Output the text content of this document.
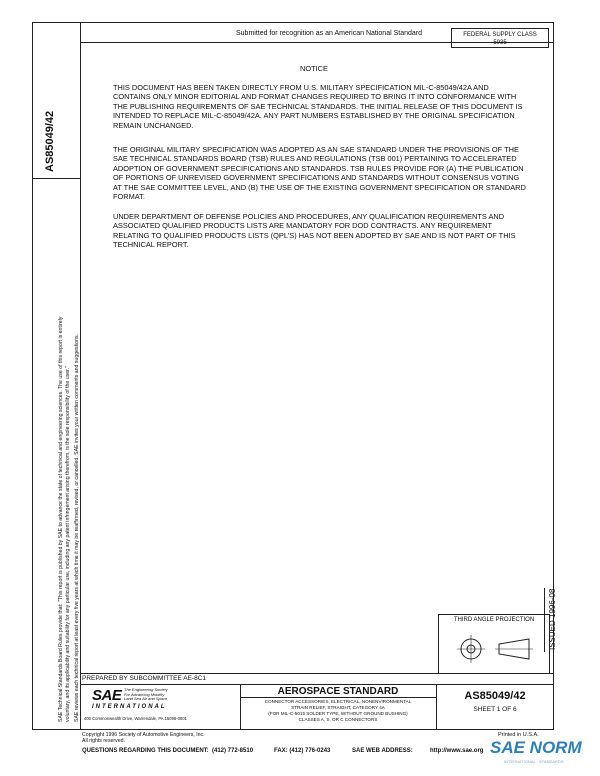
Submitted for recognition as an American National Standard	FEDERAL SUPPLY CLASS
5935
AS85049/42
SAE Technical Standards Board Rules provide that: "This report is published by SAE to advance the state of technical and engineering sciences. The use of this report is entirely voluntary, and its applicability and suitability for any particular use, including any patent infringement arising therefrom, is the sole responsibility of the user." SAE reviews each technical report at least every five years at which time it may be reaffirmed, revised, or cancelled. SAE invites your written comments and suggestions.
NOTICE
THIS DOCUMENT HAS BEEN TAKEN DIRECTLY FROM U.S. MILITARY SPECIFICATION MIL-C-85049/42A AND CONTAINS ONLY MINOR EDITORIAL AND FORMAT CHANGES REQUIRED TO BRING IT INTO CONFORMANCE WITH THE PUBLISHING REQUIREMENTS OF SAE TECHNICAL STANDARDS. THE INITIAL RELEASE OF THIS DOCUMENT IS INTENDED TO REPLACE MIL-C-85049/42A. ANY PART NUMBERS ESTABLISHED BY THE ORIGINAL SPECIFICATION REMAIN UNCHANGED.
THE ORIGINAL MILITARY SPECIFICATION WAS ADOPTED AS AN SAE STANDARD UNDER THE PROVISIONS OF THE SAE TECHNICAL STANDARDS BOARD (TSB) RULES AND REGULATIONS (TSB 001) PERTAINING TO ACCELERATED ADOPTION OF GOVERNMENT SPECIFICATIONS AND STANDARDS. TSB RULES PROVIDE FOR (A) THE PUBLICATION OF PORTIONS OF UNREVISED GOVERNMENT SPECIFICATIONS AND STANDARDS WITHOUT CONSENSUS VOTING AT THE SAE COMMITTEE LEVEL, AND (B) THE USE OF THE EXISTING GOVERNMENT SPECIFICATION OR STANDARD FORMAT.
UNDER DEPARTMENT OF DEFENSE POLICIES AND PROCEDURES, ANY QUALIFICATION REQUIREMENTS AND ASSOCIATED QUALIFIED PRODUCTS LISTS ARE MANDATORY FOR DOD CONTRACTS. ANY REQUIREMENT RELATING TO QUALIFIED PRODUCTS LISTS (QPL'S) HAS NOT BEEN ADOPTED BY SAE AND IS NOT PART OF THIS TECHNICAL REPORT.
ISSUED 1996-08
THIRD ANGLE PROJECTION
PREPARED BY SUBCOMMITTEE AE-8C1
SAE The Engineering Society
For Advancing Mobility
Land Sea Air and Space
INTERNATIONAL
400 Commonwealth Drive, Warrendale, PA 15096-0001
AEROSPACE STANDARD
CONNECTOR ACCESSORIES, ELECTRICAL, NONENVIRONMENTAL
STRAIN RELIEF, STRAIGHT, CATEGORY 4A
(FOR MIL-C-5015 SOLDER TYPE, WITHOUT GROUND BUSHING)
CLASSES A, S, OR C CONNECTORS
AS85049/42
SHEET 1 OF 6
Copyright 1996 Society of Automotive Engineers, Inc.
All rights reserved.
Printed in U.S.A.
QUESTIONS REGARDING THIS DOCUMENT: (412) 772-8510	FAX: (412) 776-0243	SAE WEB ADDRESS:	http://www.sae.org SAE NORM
INTERNATIONAL · STANDARDS
